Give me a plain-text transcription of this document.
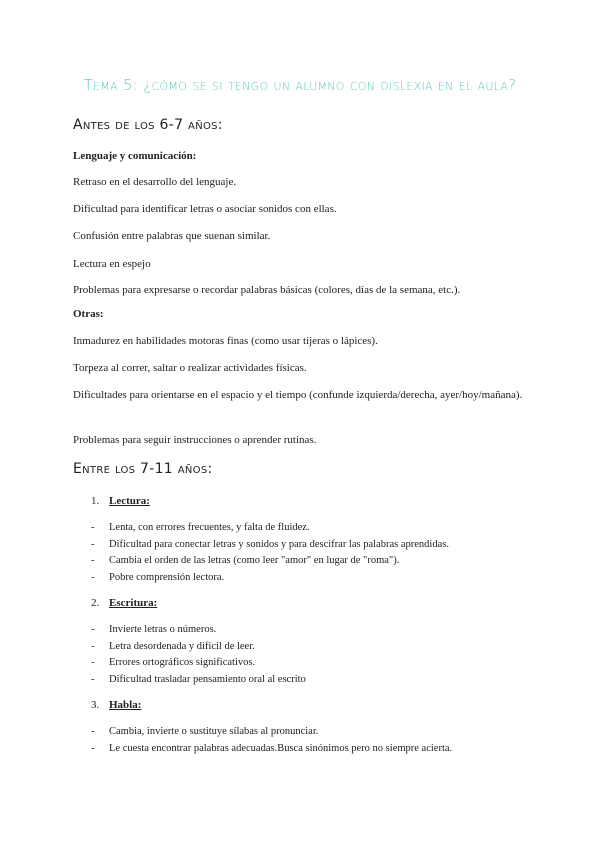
Tema 5: ¿cómo se si tengo un alumno con dislexia en el aula?
Antes de los 6-7 años:
Lenguaje y comunicación:
Retraso en el desarrollo del lenguaje.
Dificultad para identificar letras o asociar sonidos con ellas.
Confusión entre palabras que suenan similar.
Lectura en espejo
Problemas para expresarse o recordar palabras básicas (colores, días de la semana, etc.).
Otras:
Inmadurez en habilidades motoras finas (como usar tijeras o lápices).
Torpeza al correr, saltar o realizar actividades físicas.
Dificultades para orientarse en el espacio y el tiempo (confunde izquierda/derecha, ayer/hoy/mañana).
Problemas para seguir instrucciones o aprender rutinas.
Entre los 7-11 años:
1. Lectura:
- Lenta, con errores frecuentes, y falta de fluidez.
- Dificultad para conectar letras y sonidos y para descifrar las palabras aprendidas.
- Cambia el orden de las letras (como leer "amor" en lugar de "roma").
- Pobre comprensión lectora.
2. Escritura:
- Invierte letras o números.
- Letra desordenada y difícil de leer.
- Errores ortográficos significativos.
- Dificultad trasladar pensamiento oral al escrito
3. Habla:
- Cambia, invierte o sustituye sílabas al pronunciar.
- Le cuesta encontrar palabras adecuadas.Busca sinónimos pero no siempre acierta.
